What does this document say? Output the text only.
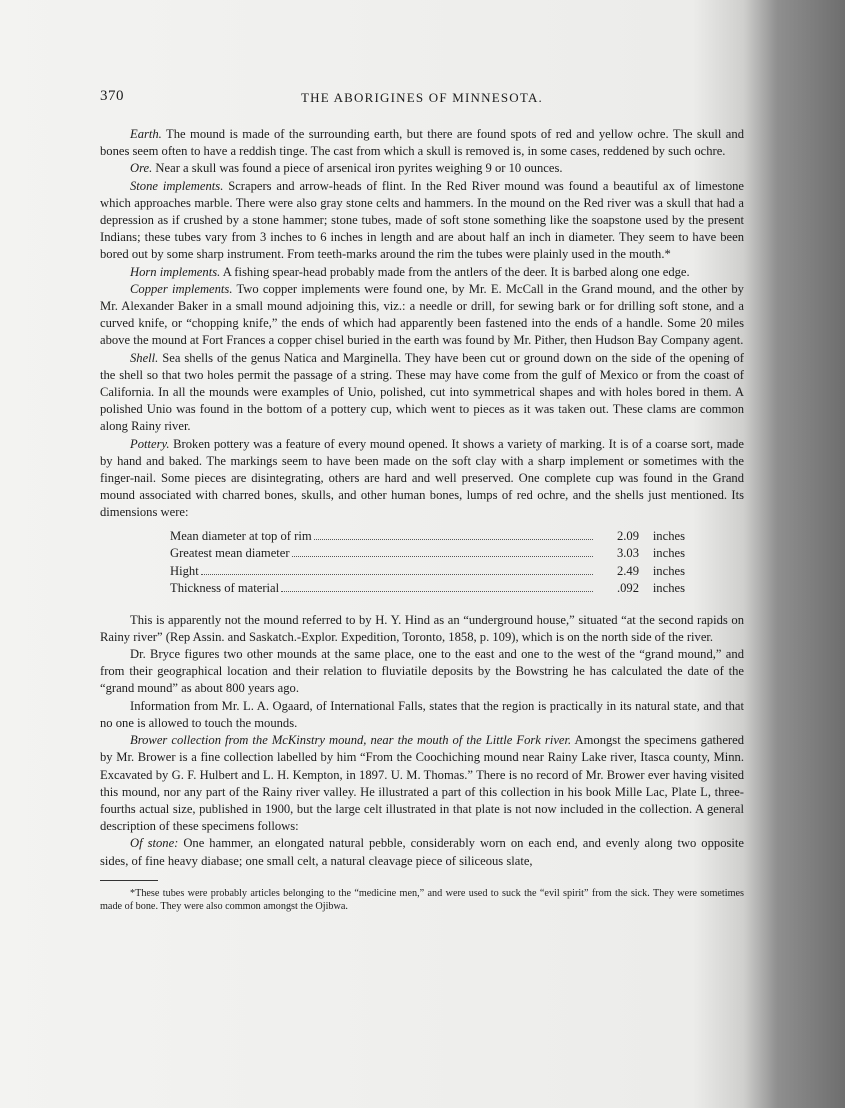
370	THE ABORIGINES OF MINNESOTA.

Earth. The mound is made of the surrounding earth, but there are found spots of red and yellow ochre. The skull and bones seem often to have a reddish tinge. The cast from which a skull is removed is, in some cases, reddened by such ochre.

Ore. Near a skull was found a piece of arsenical iron pyrites weighing 9 or 10 ounces.

Stone implements. Scrapers and arrow-heads of flint. In the Red River mound was found a beautiful ax of limestone which approaches marble. There were also gray stone celts and hammers. In the mound on the Red river was a skull that had a depression as if crushed by a stone hammer; stone tubes, made of soft stone something like the soapstone used by the present Indians; these tubes vary from 3 inches to 6 inches in length and are about half an inch in diameter. They seem to have been bored out by some sharp instrument. From teeth-marks around the rim the tubes were plainly used in the mouth.*

Horn implements. A fishing spear-head probably made from the antlers of the deer. It is barbed along one edge.

Copper implements. Two copper implements were found one, by Mr. E. McCall in the Grand mound, and the other by Mr. Alexander Baker in a small mound adjoining this, viz.: a needle or drill, for sewing bark or for drilling soft stone, and a curved knife, or “chopping knife,” the ends of which had apparently been fastened into the ends of a handle. Some 20 miles above the mound at Fort Frances a copper chisel buried in the earth was found by Mr. Pither, then Hudson Bay Company agent.

Shell. Sea shells of the genus Natica and Marginella. They have been cut or ground down on the side of the opening of the shell so that two holes permit the passage of a string. These may have come from the gulf of Mexico or from the coast of California. In all the mounds were examples of Unio, polished, cut into symmetrical shapes and with holes bored in them. A polished Unio was found in the bottom of a pottery cup, which went to pieces as it was taken out. These clams are common along Rainy river.

Pottery. Broken pottery was a feature of every mound opened. It shows a variety of marking. It is of a coarse sort, made by hand and baked. The markings seem to have been made on the soft clay with a sharp implement or sometimes with the finger-nail. Some pieces are disintegrating, others are hard and well preserved. One complete cup was found in the Grand mound associated with charred bones, skulls, and other human bones, lumps of red ochre, and the shells just mentioned. Its dimensions were:

Mean diameter at top of rim	2.09	inches
Greatest mean diameter	3.03	inches
Hight	2.49	inches
Thickness of material	.092	inches

This is apparently not the mound referred to by H. Y. Hind as an “underground house,” situated “at the second rapids on Rainy river” (Rep Assin. and Saskatch.-Explor. Expedition, Toronto, 1858, p. 109), which is on the north side of the river.

Dr. Bryce figures two other mounds at the same place, one to the east and one to the west of the “grand mound,” and from their geographical location and their relation to fluviatile deposits by the Bowstring he has calculated the date of the “grand mound” as about 800 years ago.

Information from Mr. L. A. Ogaard, of International Falls, states that the region is practically in its natural state, and that no one is allowed to touch the mounds.

Brower collection from the McKinstry mound, near the mouth of the Little Fork river. Amongst the specimens gathered by Mr. Brower is a fine collection labelled by him “From the Coochiching mound near Rainy Lake river, Itasca county, Minn. Excavated by G. F. Hulbert and L. H. Kempton, in 1897. U. M. Thomas.” There is no record of Mr. Brower ever having visited this mound, nor any part of the Rainy river valley. He illustrated a part of this collection in his book Mille Lac, Plate L, three-fourths actual size, published in 1900, but the large celt illustrated in that plate is not now included in the collection. A general description of these specimens follows:

Of stone: One hammer, an elongated natural pebble, considerably worn on each end, and evenly along two opposite sides, of fine heavy diabase; one small celt, a natural cleavage piece of siliceous slate,

*These tubes were probably articles belonging to the “medicine men,” and were used to suck the “evil spirit” from the sick. They were sometimes made of bone. They were also common amongst the Ojibwa.
